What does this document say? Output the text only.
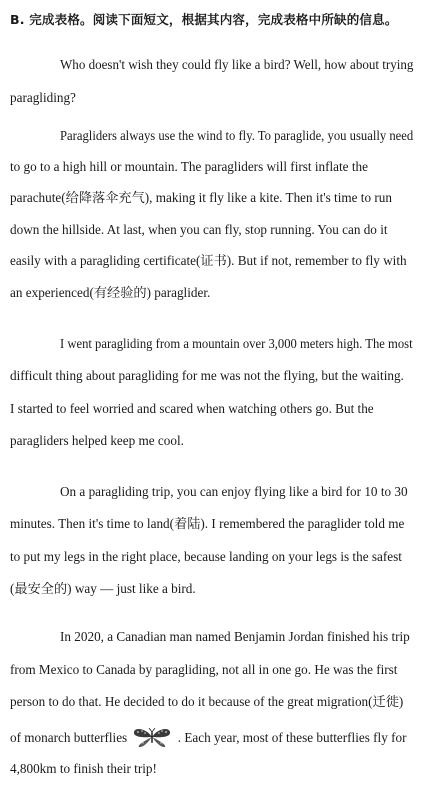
B. 完成表格。阅读下面短文，根据其内容，完成表格中所缺的信息。
Who doesn't wish they could fly like a bird? Well, how about trying
paragliding?
Paragliders always use the wind to fly. To paraglide, you usually need
to go to a high hill or mountain. The paragliders will first inflate the
parachute(给降落伞充气), making it fly like a kite. Then it's time to run
down the hillside. At last, when you can fly, stop running. You can do it
easily with a paragliding certificate(证书). But if not, remember to fly with
an experienced(有经验的) paraglider.
I went paragliding from a mountain over 3,000 meters high. The most
difficult thing about paragliding for me was not the flying, but the waiting.
I started to feel worried and scared when watching others go. But the
paragliders helped keep me cool.
On a paragliding trip, you can enjoy flying like a bird for 10 to 30
minutes. Then it's time to land(着陆). I remembered the paraglider told me
to put my legs in the right place, because landing on your legs is the safest
(最安全的) way — just like a bird.
In 2020, a Canadian man named Benjamin Jordan finished his trip
from Mexico to Canada by paragliding, not all in one go. He was the first
person to do that. He decided to do it because of the great migration(迁徙)
of monarch butterflies	. Each year, most of these butterflies fly for
4,800km to finish their trip!
